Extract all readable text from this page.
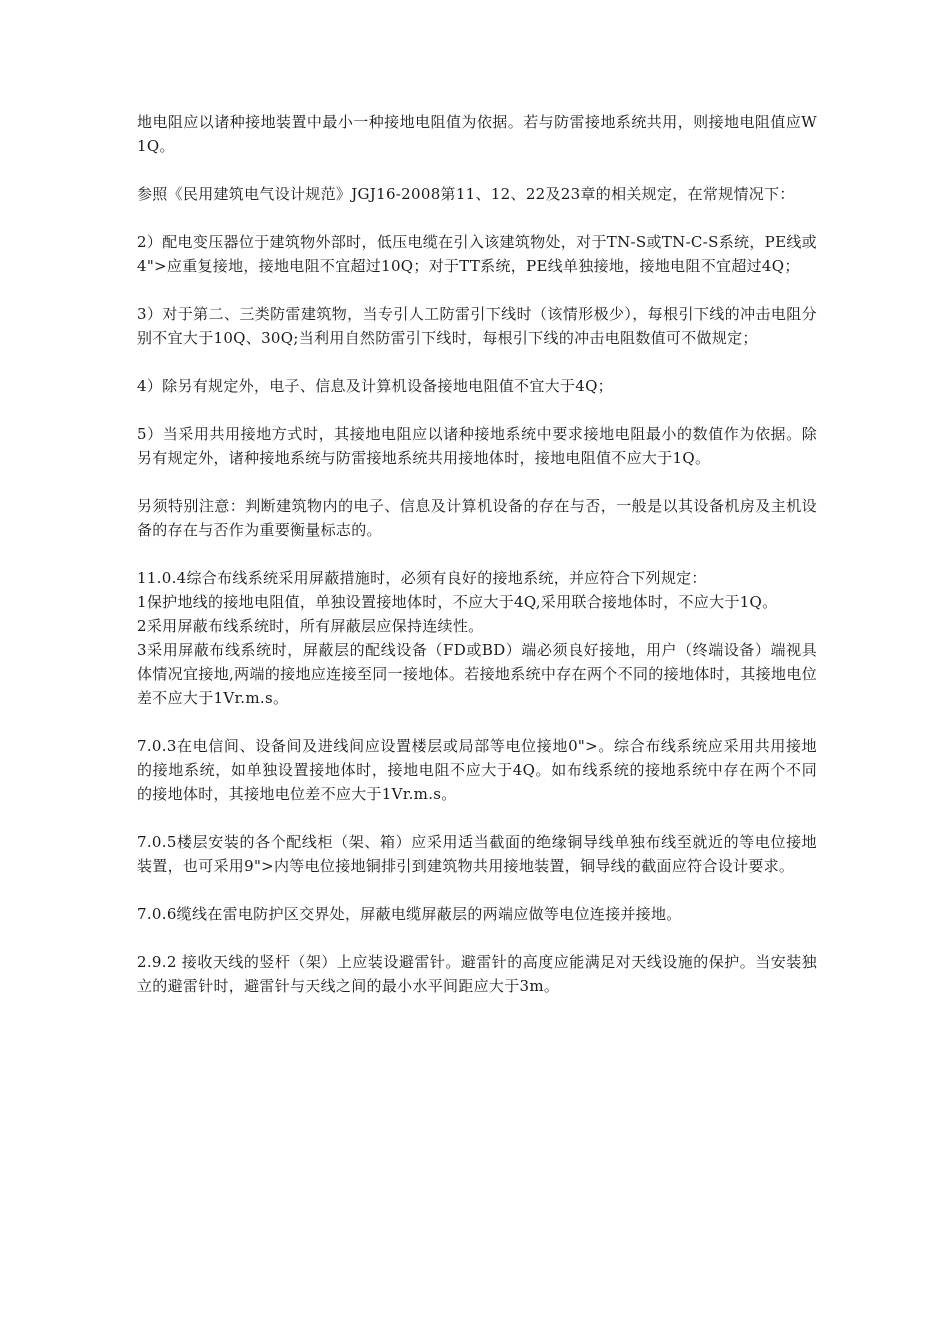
地电阻应以诸种接地装置中最小一种接地电阻值为依据。若与防雷接地系统共用，则接地电阻值应W1Q。

参照《民用建筑电气设计规范》JGJ16-2008第11、12、22及23章的相关规定，在常规情况下：

2）配电变压器位于建筑物外部时，低压电缆在引入该建筑物处，对于TN-S或TN-C-S系统，PE线或4">应重复接地，接地电阻不宜超过10Q；对于TT系统，PE线单独接地，接地电阻不宜超过4Q；

3）对于第二、三类防雷建筑物，当专引人工防雷引下线时（该情形极少），每根引下线的冲击电阻分别不宜大于10Q、30Q;当利用自然防雷引下线时，每根引下线的冲击电阻数值可不做规定；

4）除另有规定外，电子、信息及计算机设备接地电阻值不宜大于4Q；

5）当采用共用接地方式时，其接地电阻应以诸种接地系统中要求接地电阻最小的数值作为依据。除另有规定外，诸种接地系统与防雷接地系统共用接地体时，接地电阻值不应大于1Q。

另须特别注意：判断建筑物内的电子、信息及计算机设备的存在与否，一般是以其设备机房及主机设备的存在与否作为重要衡量标志的。

11.0.4综合布线系统采用屏蔽措施时，必须有良好的接地系统，并应符合下列规定：
1保护地线的接地电阻值，单独设置接地体时，不应大于4Q,采用联合接地体时，不应大于1Q。
2采用屏蔽布线系统时，所有屏蔽层应保持连续性。
3采用屏蔽布线系统时，屏蔽层的配线设备（FD或BD）端必须良好接地，用户（终端设备）端视具体情况宜接地,两端的接地应连接至同一接地体。若接地系统中存在两个不同的接地体时，其接地电位差不应大于1Vr.m.s。

7.0.3在电信间、设备间及进线间应设置楼层或局部等电位接地0">。综合布线系统应采用共用接地的接地系统，如单独设置接地体时，接地电阻不应大于4Q。如布线系统的接地系统中存在两个不同的接地体时，其接地电位差不应大于1Vr.m.s。

7.0.5楼层安装的各个配线柜（架、箱）应采用适当截面的绝缘铜导线单独布线至就近的等电位接地装置，也可采用9">内等电位接地铜排引到建筑物共用接地装置，铜导线的截面应符合设计要求。

7.0.6缆线在雷电防护区交界处，屏蔽电缆屏蔽层的两端应做等电位连接并接地。

2.9.2 接收天线的竖杆（架）上应装设避雷针。避雷针的高度应能满足对天线设施的保护。当安装独立的避雷针时，避雷针与天线之间的最小水平间距应大于3m。
